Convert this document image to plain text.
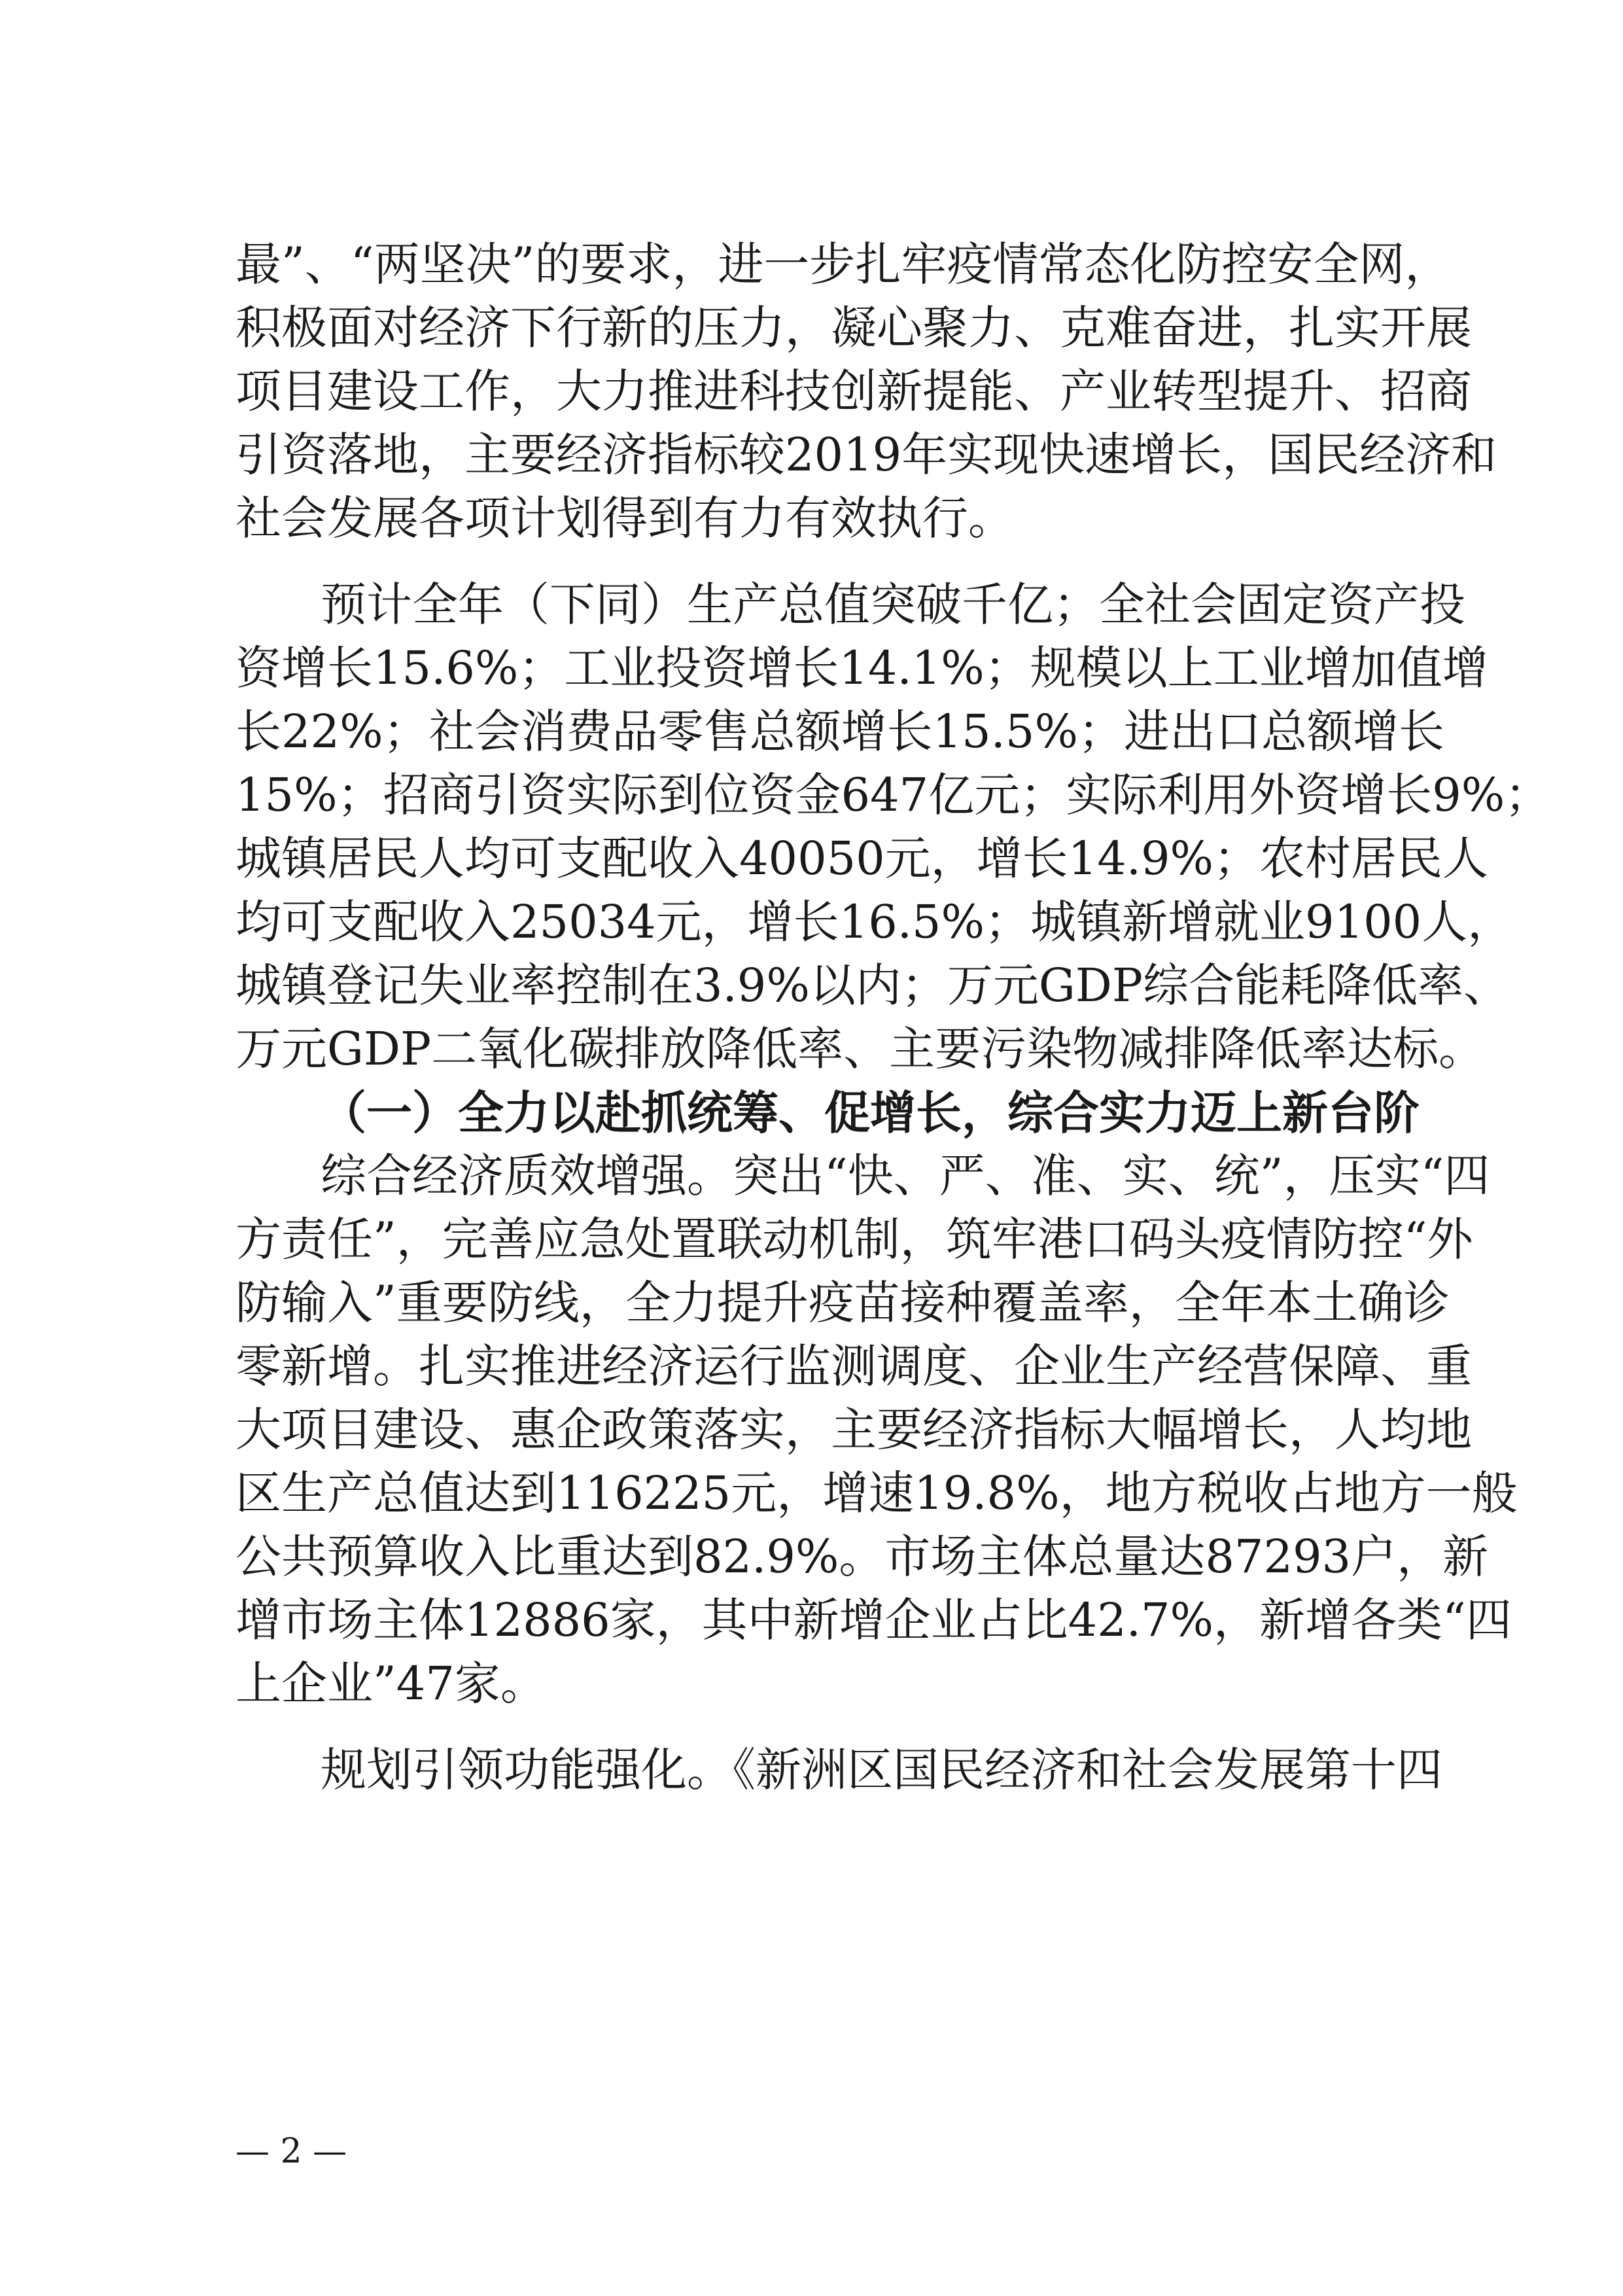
最”、“两坚决”的要求，进一步扎牢疫情常态化防控安全网，
积极面对经济下行新的压力，凝心聚力、克难奋进，扎实开展
项目建设工作，大力推进科技创新提能、产业转型提升、招商
引资落地，主要经济指标较2019年实现快速增长，国民经济和
社会发展各项计划得到有力有效执行。
预计全年（下同）生产总值突破千亿；全社会固定资产投
资增长15.6%；工业投资增长14.1%；规模以上工业增加值增
长22%；社会消费品零售总额增长15.5%；进出口总额增长
15%；招商引资实际到位资金647亿元；实际利用外资增长9%；
城镇居民人均可支配收入40050元，增长14.9%；农村居民人
均可支配收入25034元，增长16.5%；城镇新增就业9100人，
城镇登记失业率控制在3.9%以内；万元GDP综合能耗降低率、
万元GDP二氧化碳排放降低率、主要污染物减排降低率达标。
（一）全力以赴抓统筹、促增长，综合实力迈上新台阶
综合经济质效增强。突出“快、严、准、实、统”，压实“四
方责任”，完善应急处置联动机制，筑牢港口码头疫情防控“外
防输入”重要防线，全力提升疫苗接种覆盖率，全年本土确诊
零新增。扎实推进经济运行监测调度、企业生产经营保障、重
大项目建设、惠企政策落实，主要经济指标大幅增长，人均地
区生产总值达到116225元，增速19.8%，地方税收占地方一般
公共预算收入比重达到82.9%。市场主体总量达87293户，新
增市场主体12886家，其中新增企业占比42.7%，新增各类“四
上企业”47家。
规划引领功能强化。《新洲区国民经济和社会发展第十四
— 2 —
